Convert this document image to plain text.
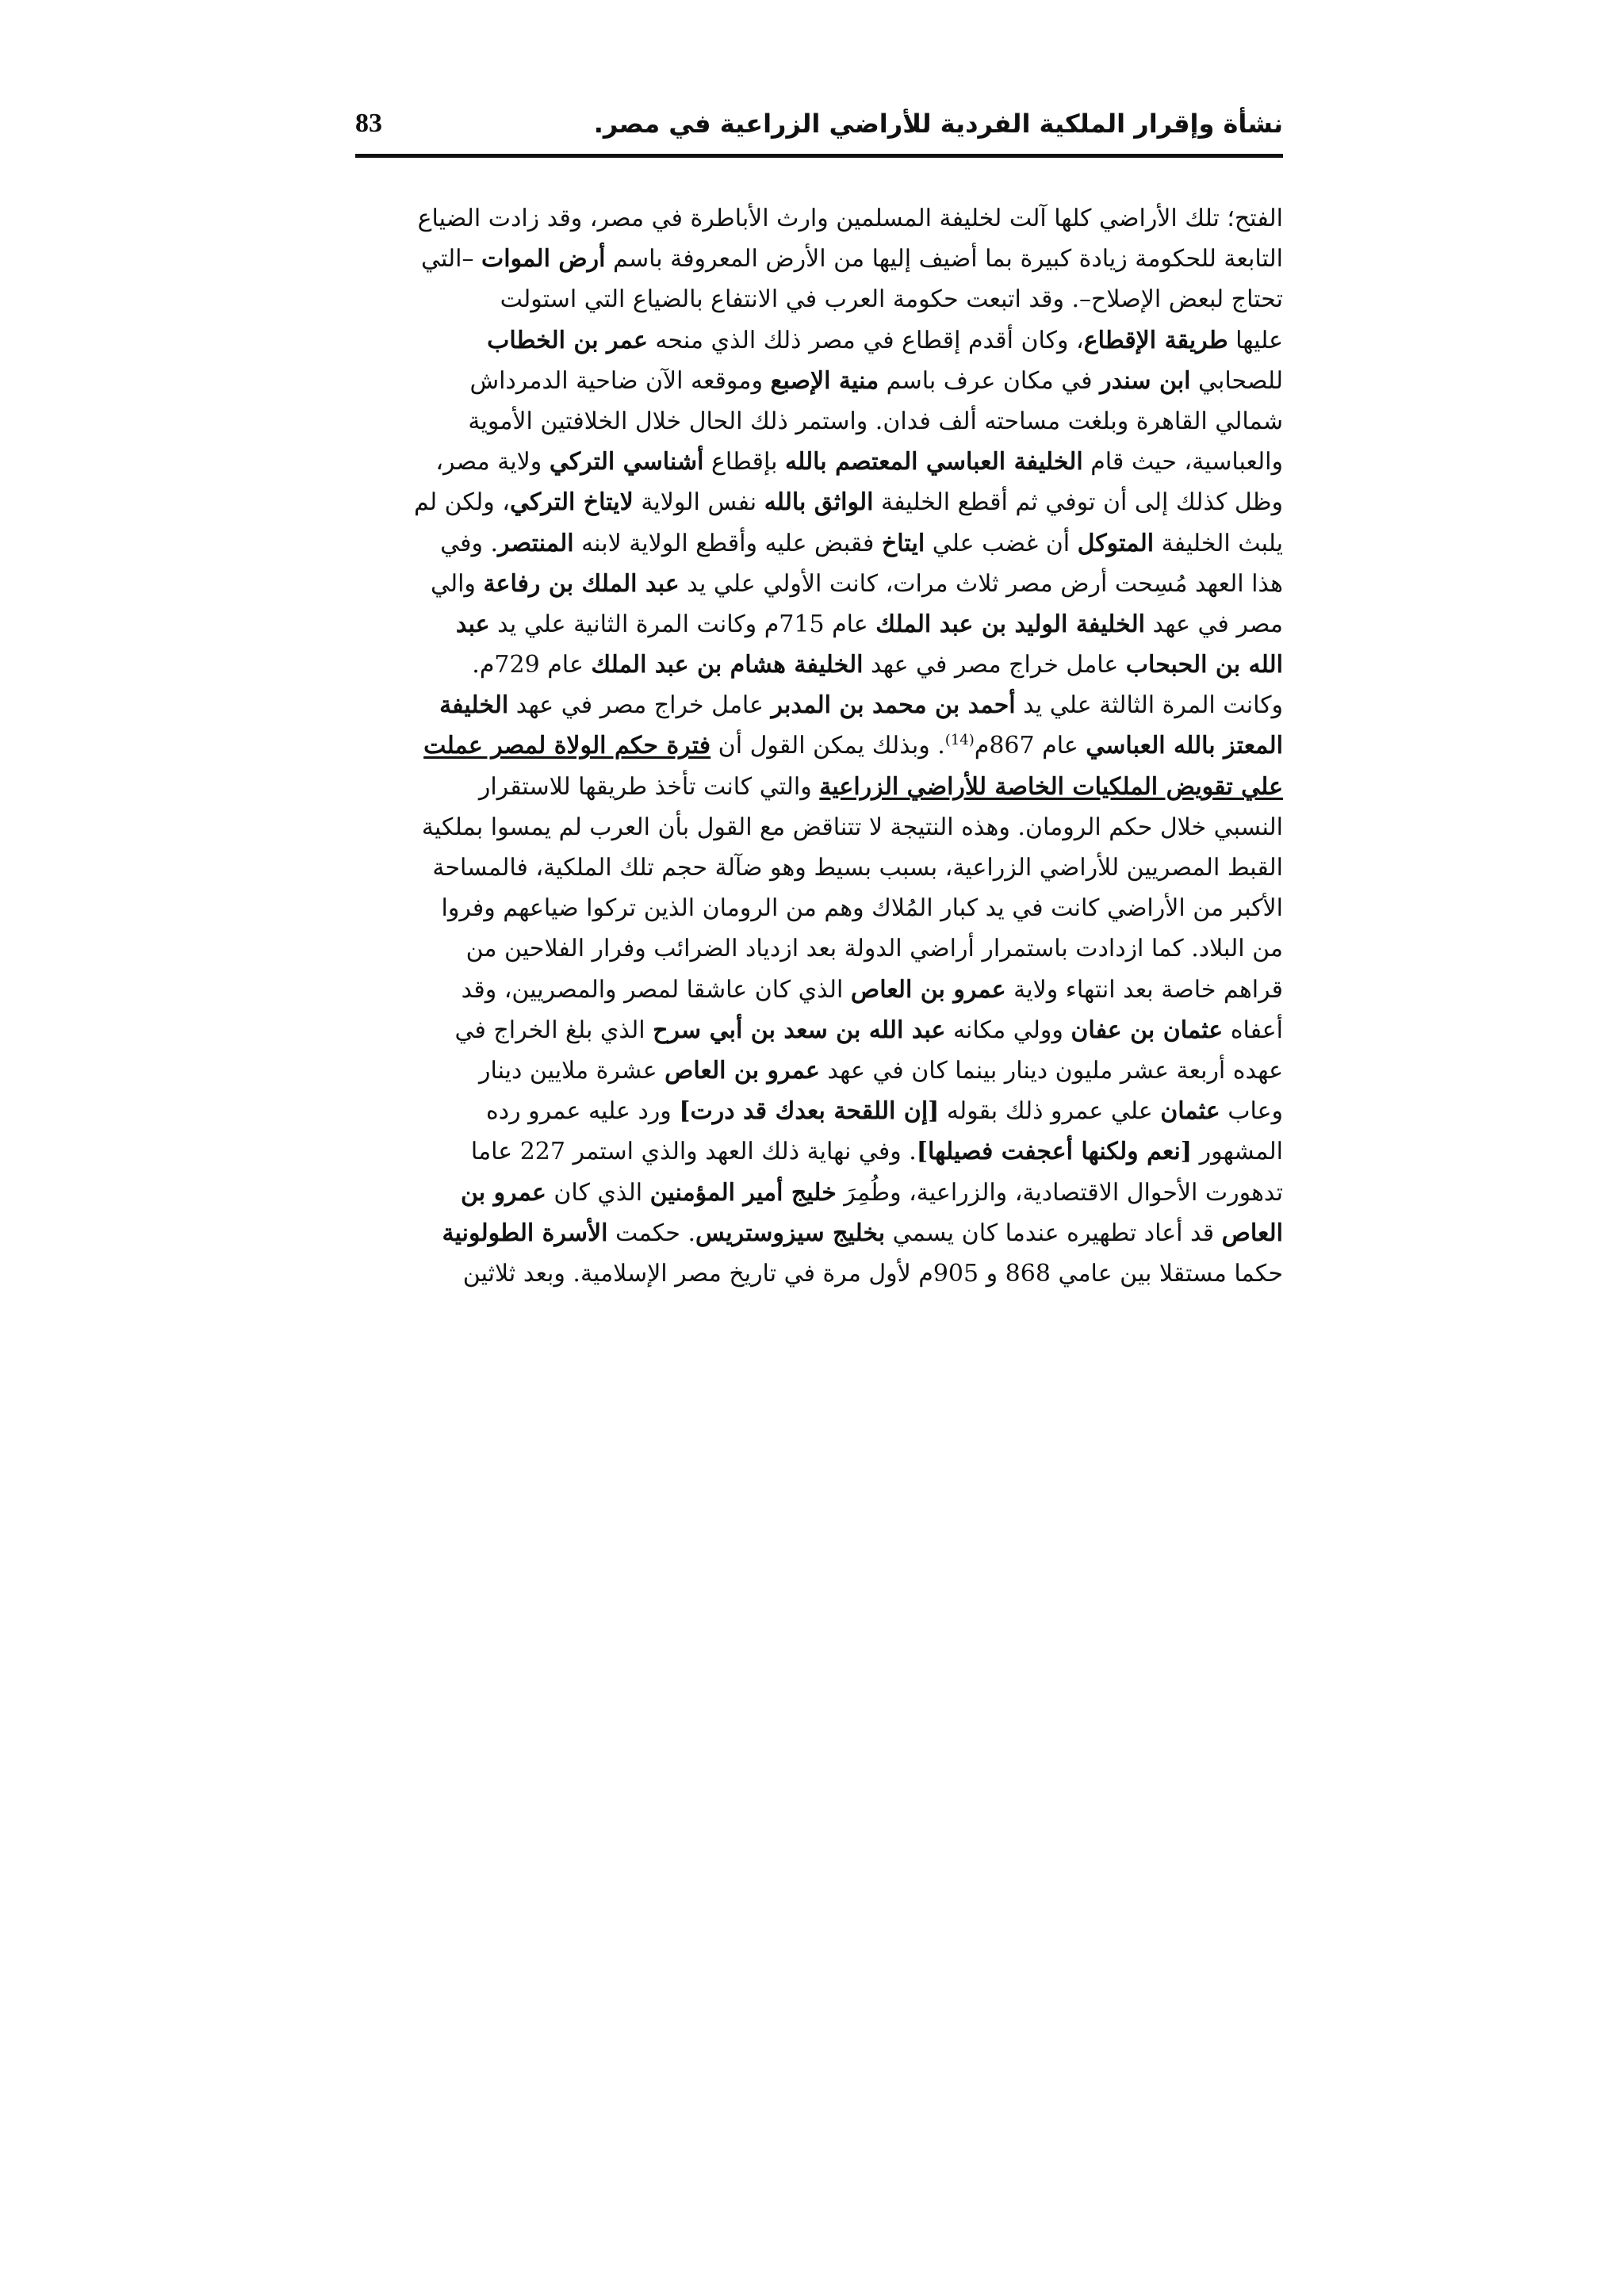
نشأة وإقرار الملكية الفردية للأراضي الزراعية في مصر.
83
الفتح؛ تلك الأراضي كلها آلت لخليفة المسلمين وارث الأباطرة في مصر، وقد زادت الضياع
التابعة للحكومة زيادة كبيرة بما أضيف إليها من الأرض المعروفة باسم أرض الموات –التي
تحتاج لبعض الإصلاح–. وقد اتبعت حكومة العرب في الانتفاع بالضياع التي استولت
عليها طريقة الإقطاع، وكان أقدم إقطاع في مصر ذلك الذي منحه عمر بن الخطاب
للصحابي ابن سندر في مكان عرف باسم منية الإصبع وموقعه الآن ضاحية الدمرداش
شمالي القاهرة وبلغت مساحته ألف فدان. واستمر ذلك الحال خلال الخلافتين الأموية
والعباسية، حيث قام الخليفة العباسي المعتصم بالله بإقطاع أشناسي التركي ولاية مصر،
وظل كذلك إلى أن توفي ثم أقطع الخليفة الواثق بالله نفس الولاية لايتاخ التركي، ولكن لم
يلبث الخليفة المتوكل أن غضب علي ايتاخ فقبض عليه وأقطع الولاية لابنه المنتصر. وفي
هذا العهد مُسِحت أرض مصر ثلاث مرات، كانت الأولي علي يد عبد الملك بن رفاعة والي
مصر في عهد الخليفة الوليد بن عبد الملك عام 715م وكانت المرة الثانية علي يد عبد
الله بن الحبحاب عامل خراج مصر في عهد الخليفة هشام بن عبد الملك عام 729م.
وكانت المرة الثالثة علي يد أحمد بن محمد بن المدبر عامل خراج مصر في عهد الخليفة
المعتز بالله العباسي عام 867م$^{(14)}$. وبذلك يمكن القول أن فترة حكم الولاة لمصر عملت
علي تقويض الملكيات الخاصة للأراضي الزراعية والتي كانت تأخذ طريقها للاستقرار
النسبي خلال حكم الرومان. وهذه النتيجة لا تتناقض مع القول بأن العرب لم يمسوا بملكية
القبط المصريين للأراضي الزراعية، بسبب بسيط وهو ضآلة حجم تلك الملكية، فالمساحة
الأكبر من الأراضي كانت في يد كبار المُلاك وهم من الرومان الذين تركوا ضياعهم وفروا
من البلاد. كما ازدادت باستمرار أراضي الدولة بعد ازدياد الضرائب وفرار الفلاحين من
قراهم خاصة بعد انتهاء ولاية عمرو بن العاص الذي كان عاشقا لمصر والمصريين، وقد
أعفاه عثمان بن عفان وولي مكانه عبد الله بن سعد بن أبي سرح الذي بلغ الخراج في
عهده أربعة عشر مليون دينار بينما كان في عهد عمرو بن العاص عشرة ملايين دينار
وعاب عثمان علي عمرو ذلك بقوله [إن اللقحة بعدك قد درت] ورد عليه عمرو رده
المشهور [نعم ولكنها أعجفت فصيلها]. وفي نهاية ذلك العهد والذي استمر 227 عاما
تدهورت الأحوال الاقتصادية، والزراعية، وطُمِرَ خليج أمير المؤمنين الذي كان عمرو بن
العاص قد أعاد تطهيره عندما كان يسمي بخليج سيزوستريس. حكمت الأسرة الطولونية
حكما مستقلا بين عامي 868 و 905م لأول مرة في تاريخ مصر الإسلامية. وبعد ثلاثين
